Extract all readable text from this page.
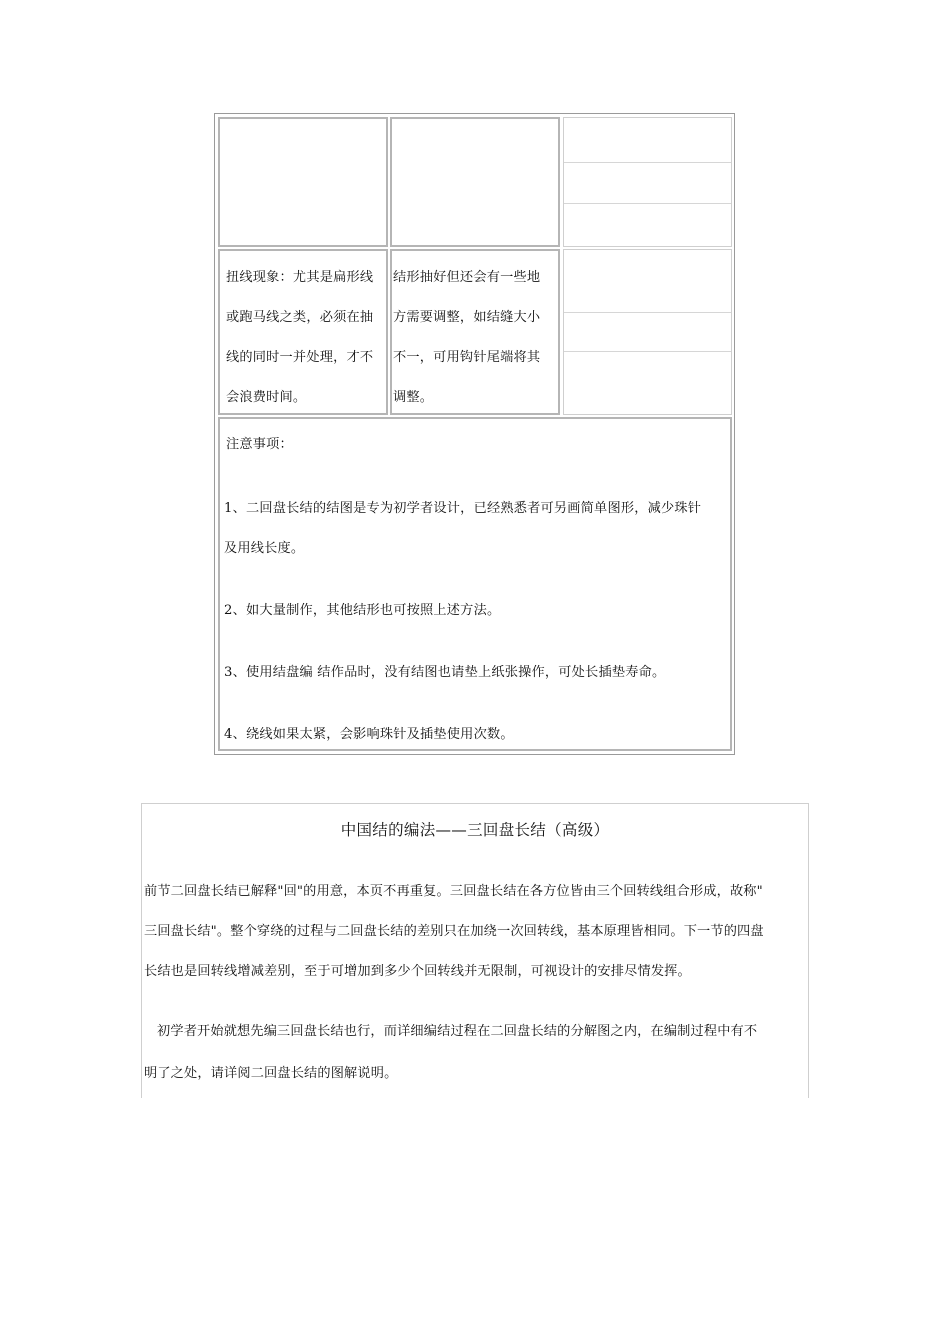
扭线现象：尤其是扁形线

或跑马线之类，必须在抽

线的同时一并处理，才不

会浪费时间。

结形抽好但还会有一些地

方需要调整，如结缝大小

不一，可用钩针尾端将其

调整。

注意事项：
1、二回盘长结的结图是专为初学者设计，已经熟悉者可另画简单图形，减少珠针
及用线长度。
2、如大量制作，其他结形也可按照上述方法。
3、使用结盘编 结作品时，没有结图也请垫上纸张操作，可处长插垫寿命。
4、绕线如果太紧，会影响珠针及插垫使用次数。
中国结的编法——三回盘长结（高级）
前节二回盘长结已解释"回"的用意，本页不再重复。三回盘长结在各方位皆由三个回转线组合形成，故称"
三回盘长结"。整个穿绕的过程与二回盘长结的差别只在加绕一次回转线，基本原理皆相同。下一节的四盘
长结也是回转线增减差别，至于可增加到多少个回转线并无限制，可视设计的安排尽情发挥。
初学者开始就想先编三回盘长结也行，而详细编结过程在二回盘长结的分解图之内，在编制过程中有不
明了之处，请详阅二回盘长结的图解说明。
